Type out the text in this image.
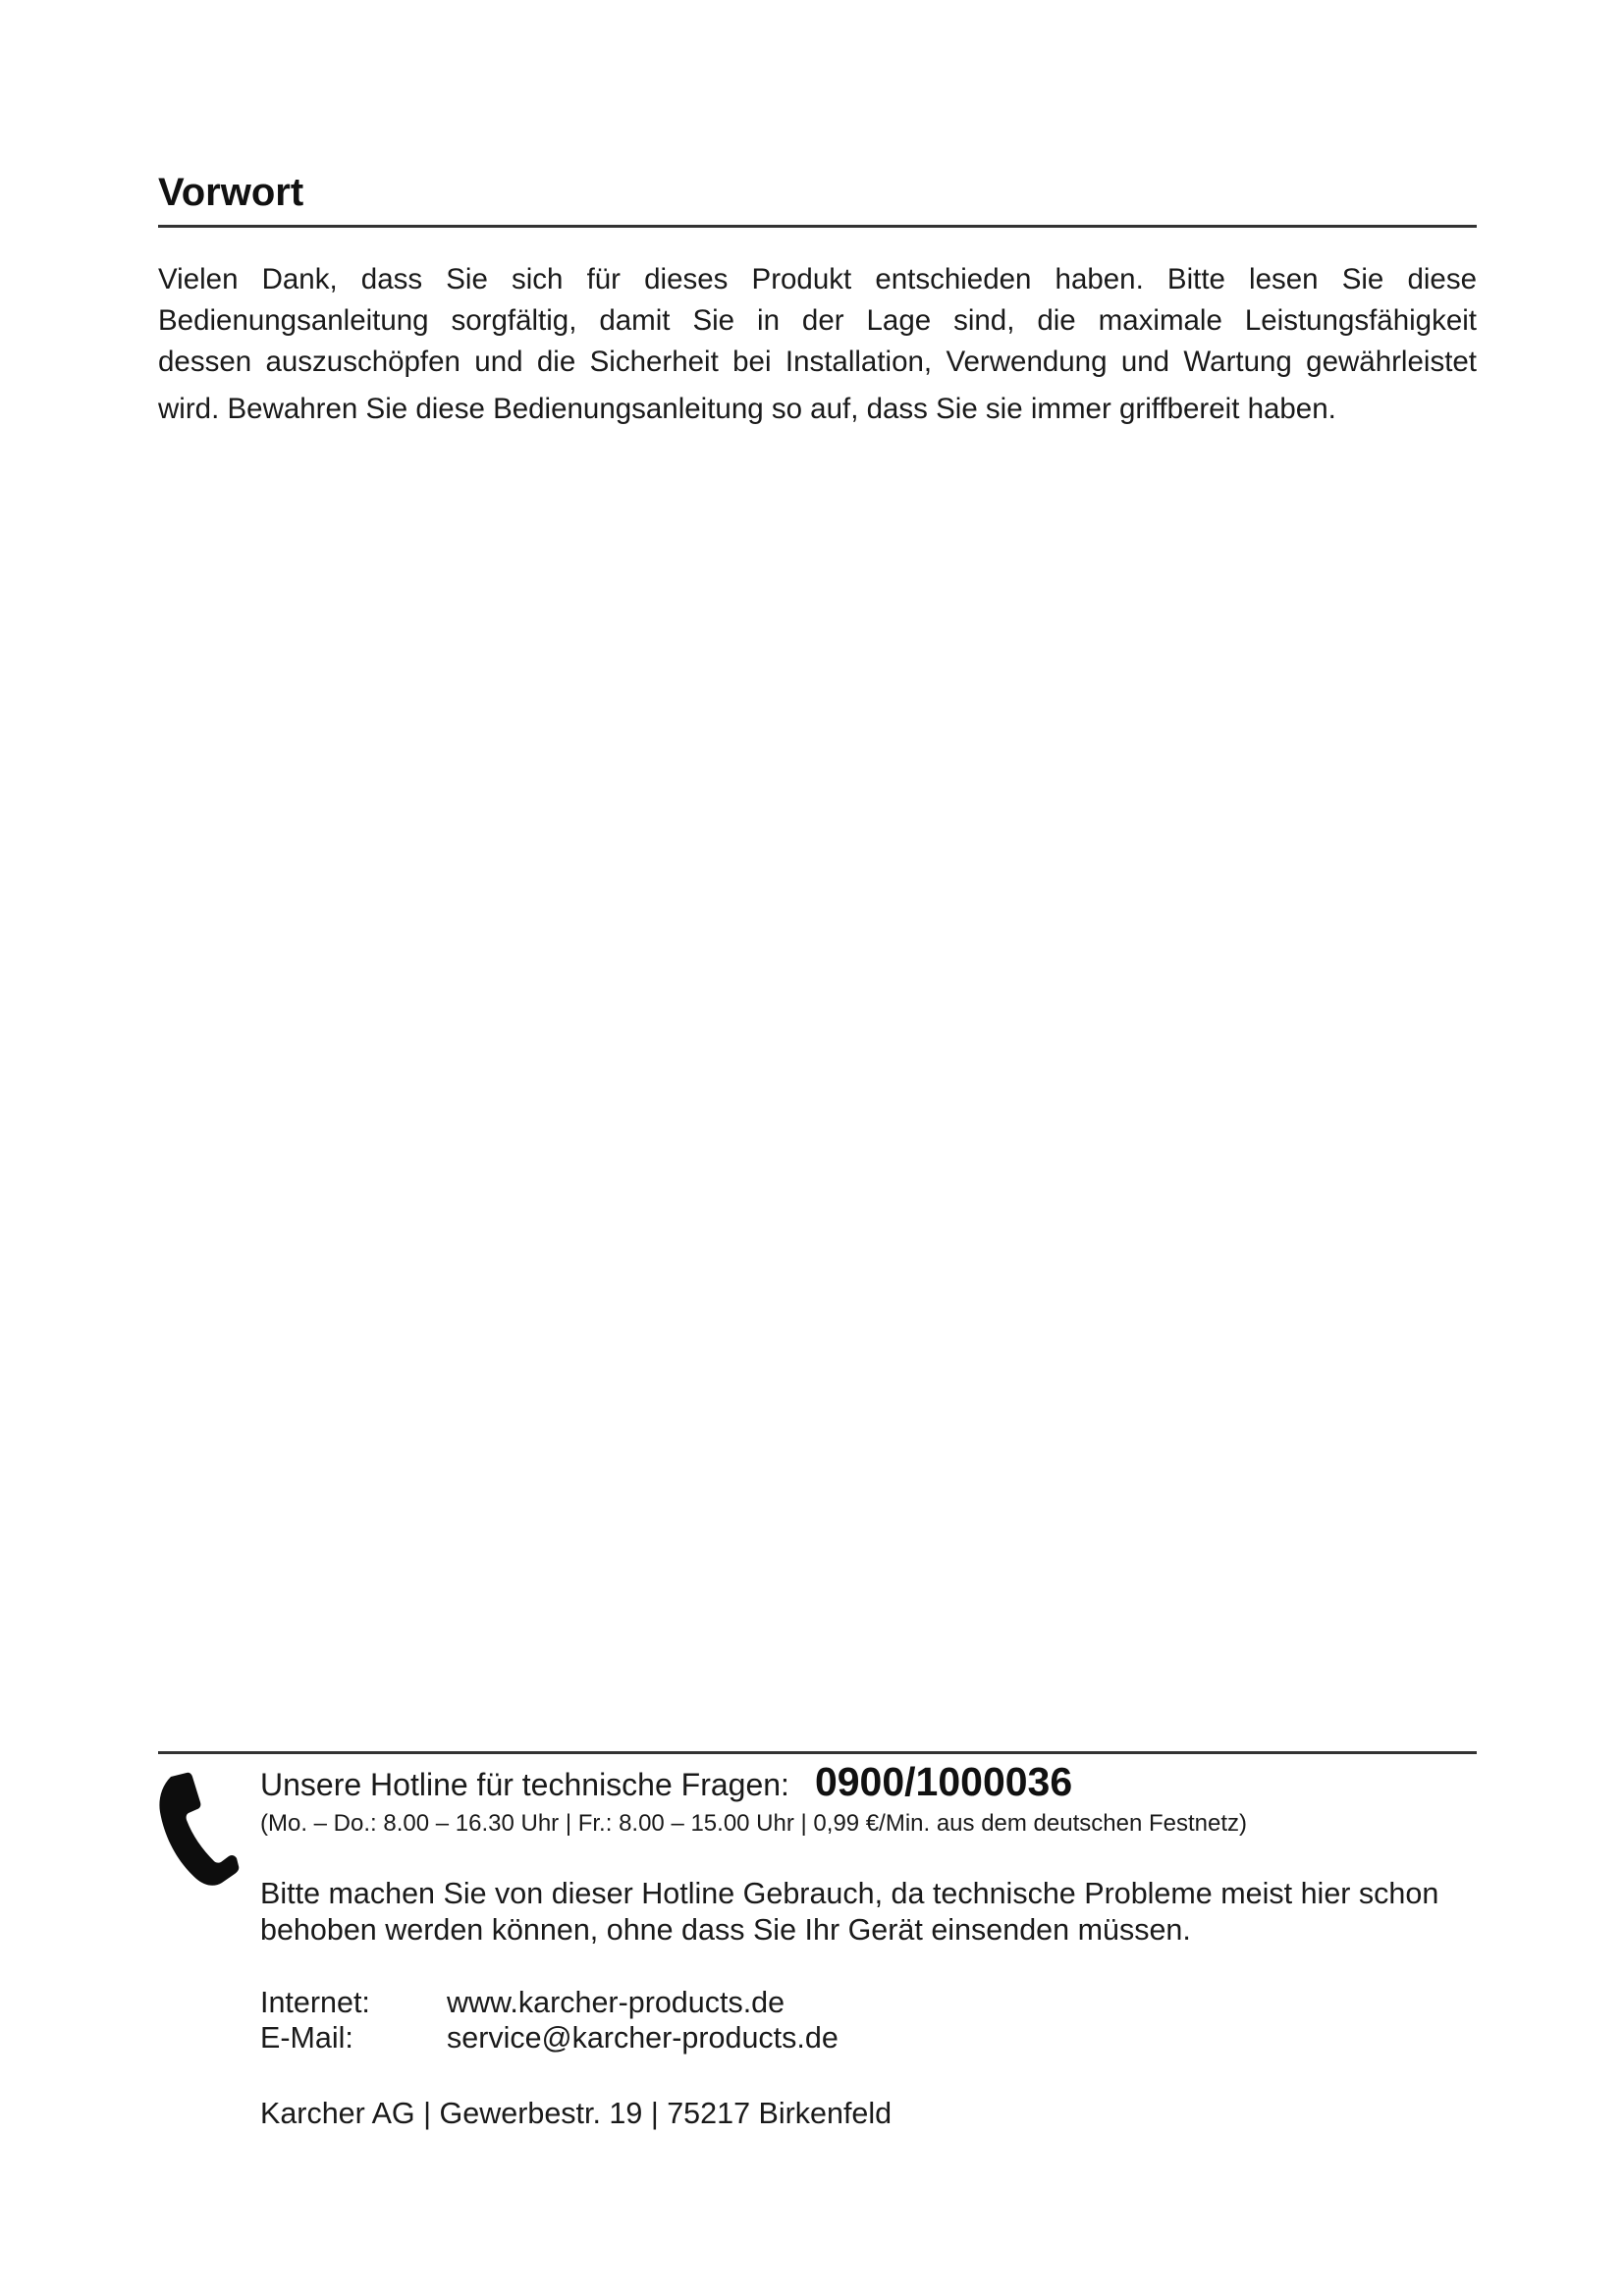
Vorwort

Vielen Dank, dass Sie sich für dieses Produkt entschieden haben. Bitte lesen Sie diese
Bedienungsanleitung sorgfältig, damit Sie in der Lage sind, die maximale Leistungsfähigkeit
dessen auszuschöpfen und die Sicherheit bei Installation, Verwendung und Wartung gewährleistet
wird. Bewahren Sie diese Bedienungsanleitung so auf, dass Sie sie immer griffbereit haben.

Unsere Hotline für technische Fragen: 0900/1000036
(Mo. – Do.: 8.00 – 16.30 Uhr | Fr.: 8.00 – 15.00 Uhr | 0,99 €/Min. aus dem deutschen Festnetz)

Bitte machen Sie von dieser Hotline Gebrauch, da technische Probleme meist hier schon behoben werden können, ohne dass Sie Ihr Gerät einsenden müssen.

Internet:	www.karcher-products.de
E-Mail:	service@karcher-products.de
Karcher AG | Gewerbestr. 19 | 75217 Birkenfeld
